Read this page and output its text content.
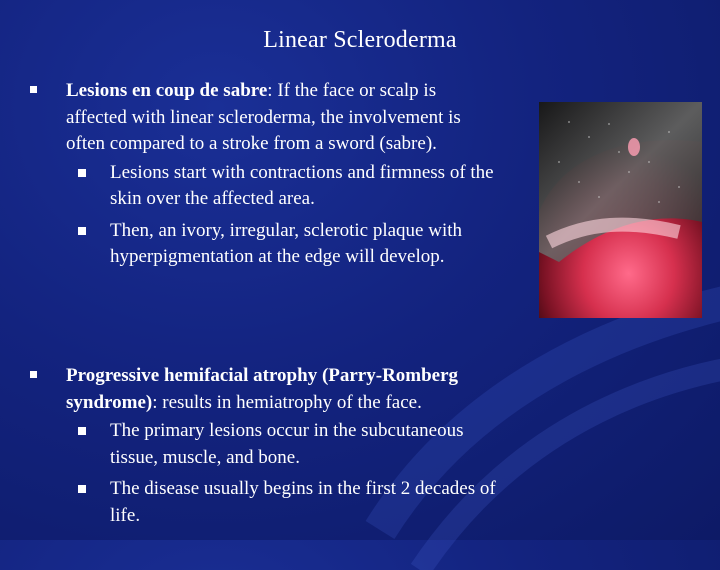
Linear Scleroderma
Lesions en coup de sabre: If the face or scalp is affected with linear scleroderma, the involvement is often compared to a stroke from a sword (sabre).
Lesions start with contractions and firmness of the skin over the affected area.
Then, an ivory, irregular, sclerotic plaque with hyperpigmentation at the edge will develop.
Progressive hemifacial atrophy (Parry-Romberg syndrome): results in hemiatrophy of the face.
The primary lesions occur in the subcutaneous tissue, muscle, and bone.
The disease usually begins in the first 2 decades of life.
